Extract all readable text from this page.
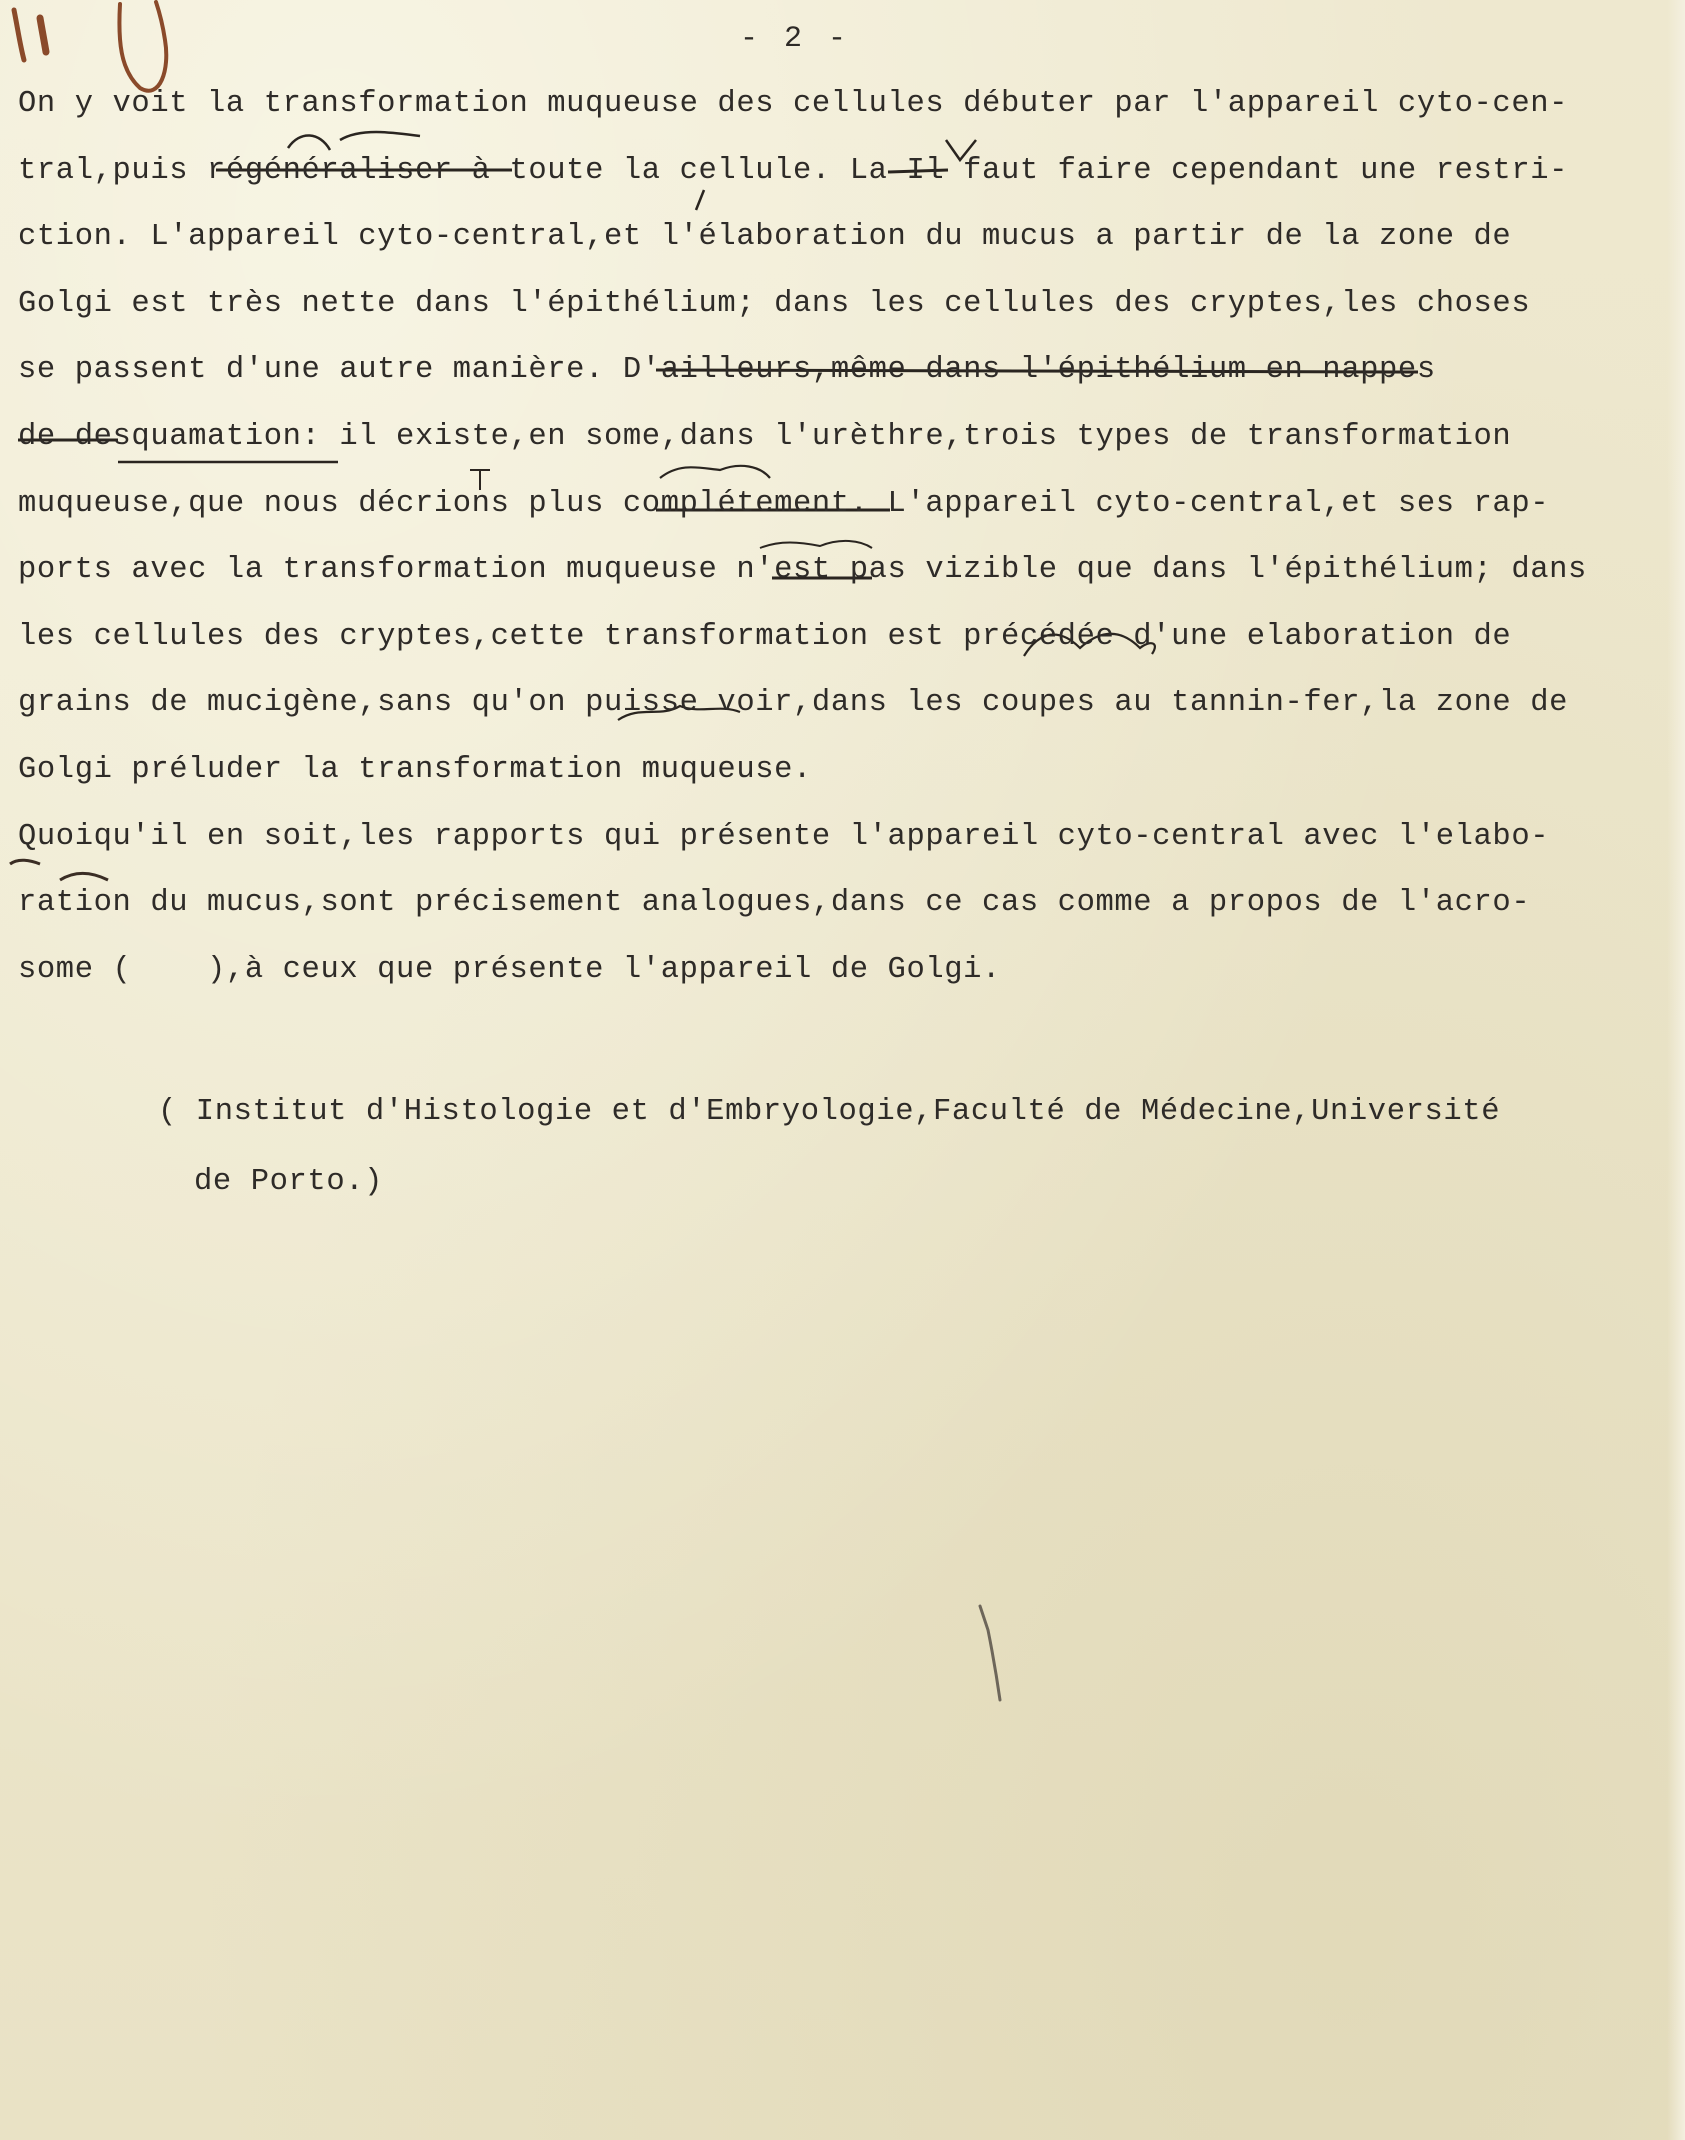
- 2 -
On y voit la transformation muqueuse des cellules débuter par l'appareil cyto-cen-
tral,puis régénéraliser à toute la cellule. La Il faut faire cependant une restri-
ction. L'appareil cyto-central,et l'élaboration du mucus a partir de la zone de
Golgi est très nette dans l'épithélium; dans les cellules des cryptes,les choses
se passent d'une autre manière. D'ailleurs,même dans l'épithélium en nappes
de desquamation: il existe,en some,dans l'urèthre,trois types de transformation
muqueuse,que nous décrions plus complétement. L'appareil cyto-central,et ses rap-
ports avec la transformation muqueuse n'est pas vizible que dans l'épithélium; dans
les cellules des cryptes,cette transformation est précédée d'une elaboration de
grains de mucigène,sans qu'on puisse voir,dans les coupes au tannin-fer,la zone de
Golgi préluder la transformation muqueuse.
Quoiqu'il en soit,les rapports qui présente l'appareil cyto-central avec l'elabo-
ration du mucus,sont précisement analogues,dans ce cas comme a propos de l'acro-
some (    ),à ceux que présente l'appareil de Golgi.
( Institut d'Histologie et d'Embryologie,Faculté de Médecine,Université
de Porto.)
